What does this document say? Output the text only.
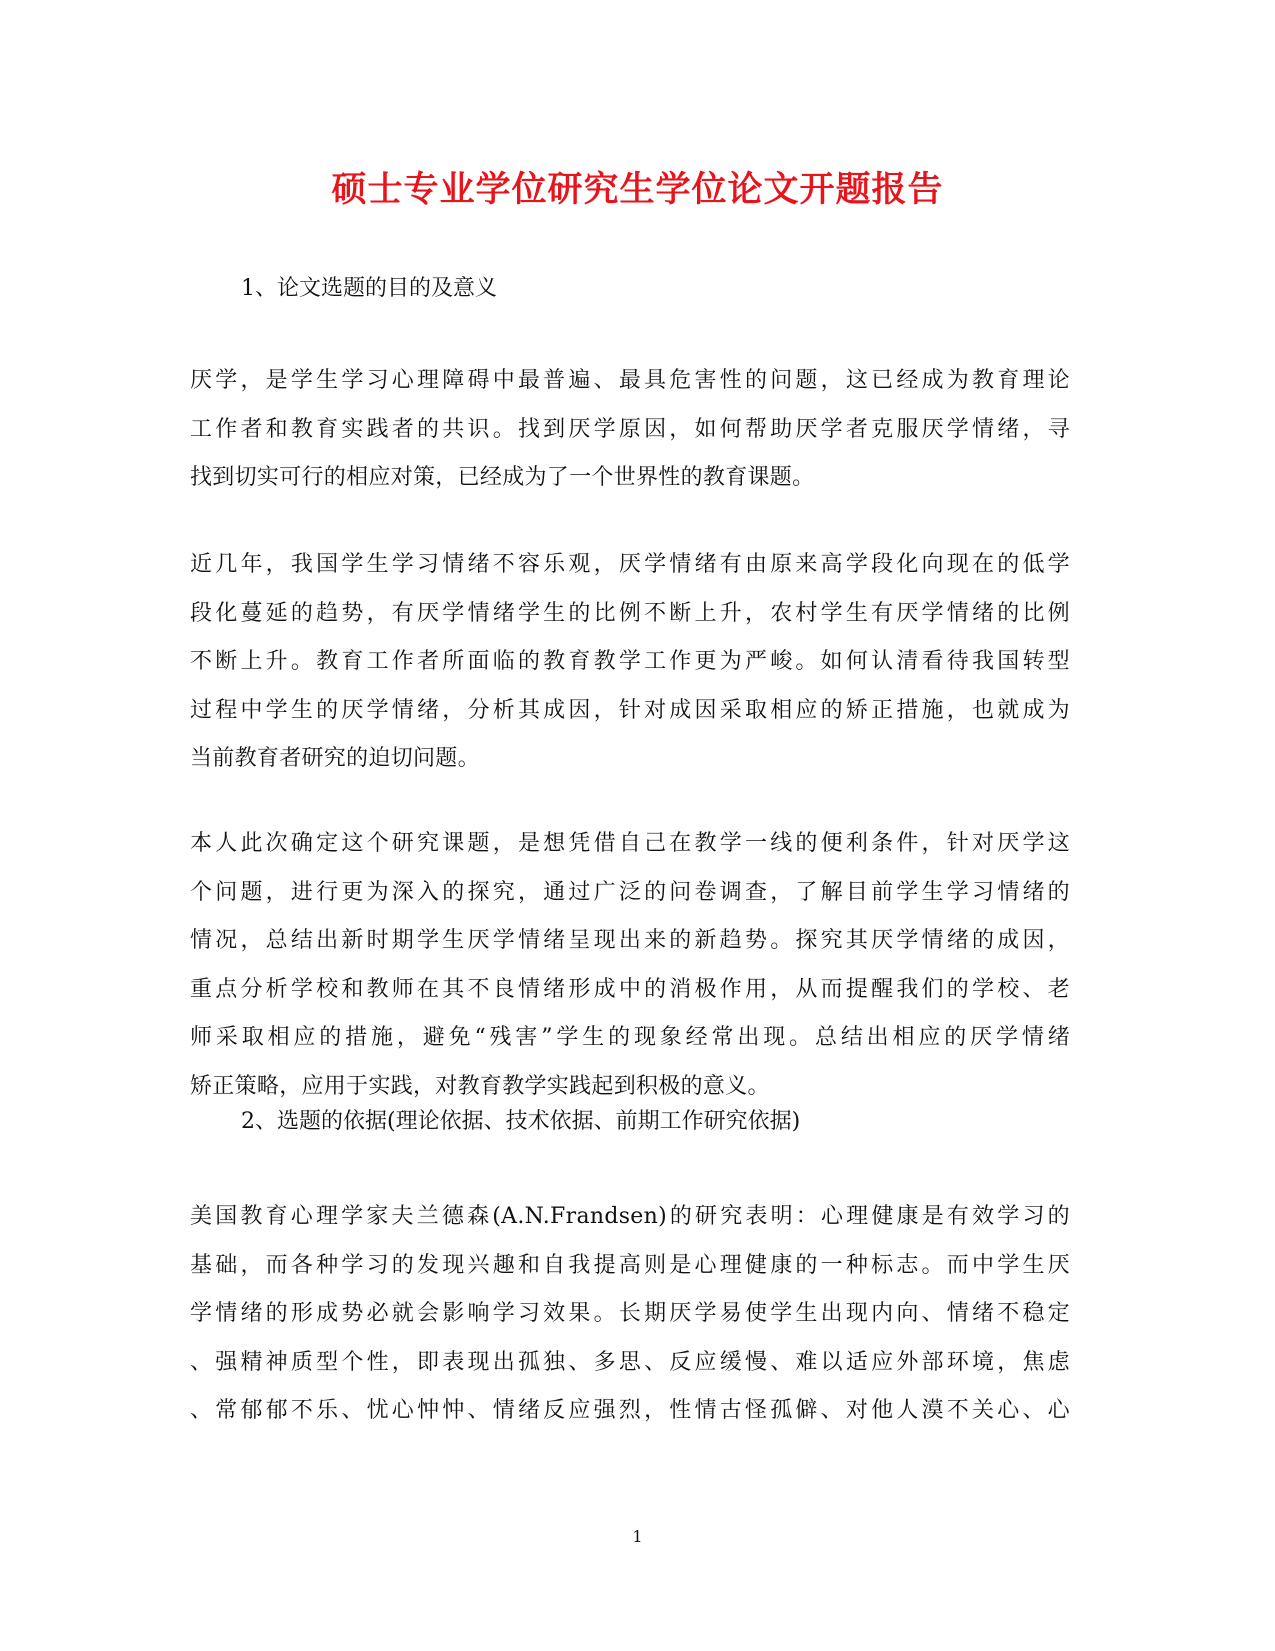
硕士专业学位研究生学位论文开题报告
1、论文选题的目的及意义
厌学，是学生学习心理障碍中最普遍、最具危害性的问题，这已经成为教育理论
工作者和教育实践者的共识。找到厌学原因，如何帮助厌学者克服厌学情绪，寻
找到切实可行的相应对策，已经成为了一个世界性的教育课题。
近几年，我国学生学习情绪不容乐观，厌学情绪有由原来高学段化向现在的低学
段化蔓延的趋势，有厌学情绪学生的比例不断上升，农村学生有厌学情绪的比例
不断上升。教育工作者所面临的教育教学工作更为严峻。如何认清看待我国转型
过程中学生的厌学情绪，分析其成因，针对成因采取相应的矫正措施，也就成为
当前教育者研究的迫切问题。
本人此次确定这个研究课题，是想凭借自己在教学一线的便利条件，针对厌学这
个问题，进行更为深入的探究，通过广泛的问卷调查，了解目前学生学习情绪的
情况，总结出新时期学生厌学情绪呈现出来的新趋势。探究其厌学情绪的成因，
重点分析学校和教师在其不良情绪形成中的消极作用，从而提醒我们的学校、老
师采取相应的措施，避免“残害”学生的现象经常出现。总结出相应的厌学情绪
矫正策略，应用于实践，对教育教学实践起到积极的意义。
2、选题的依据(理论依据、技术依据、前期工作研究依据)
美国教育心理学家夫兰德森(A.N.Frandsen)的研究表明：心理健康是有效学习的
基础，而各种学习的发现兴趣和自我提高则是心理健康的一种标志。而中学生厌
学情绪的形成势必就会影响学习效果。长期厌学易使学生出现内向、情绪不稳定
、强精神质型个性，即表现出孤独、多思、反应缓慢、难以适应外部环境，焦虑
、常郁郁不乐、忧心忡忡、情绪反应强烈，性情古怪孤僻、对他人漠不关心、心
1
